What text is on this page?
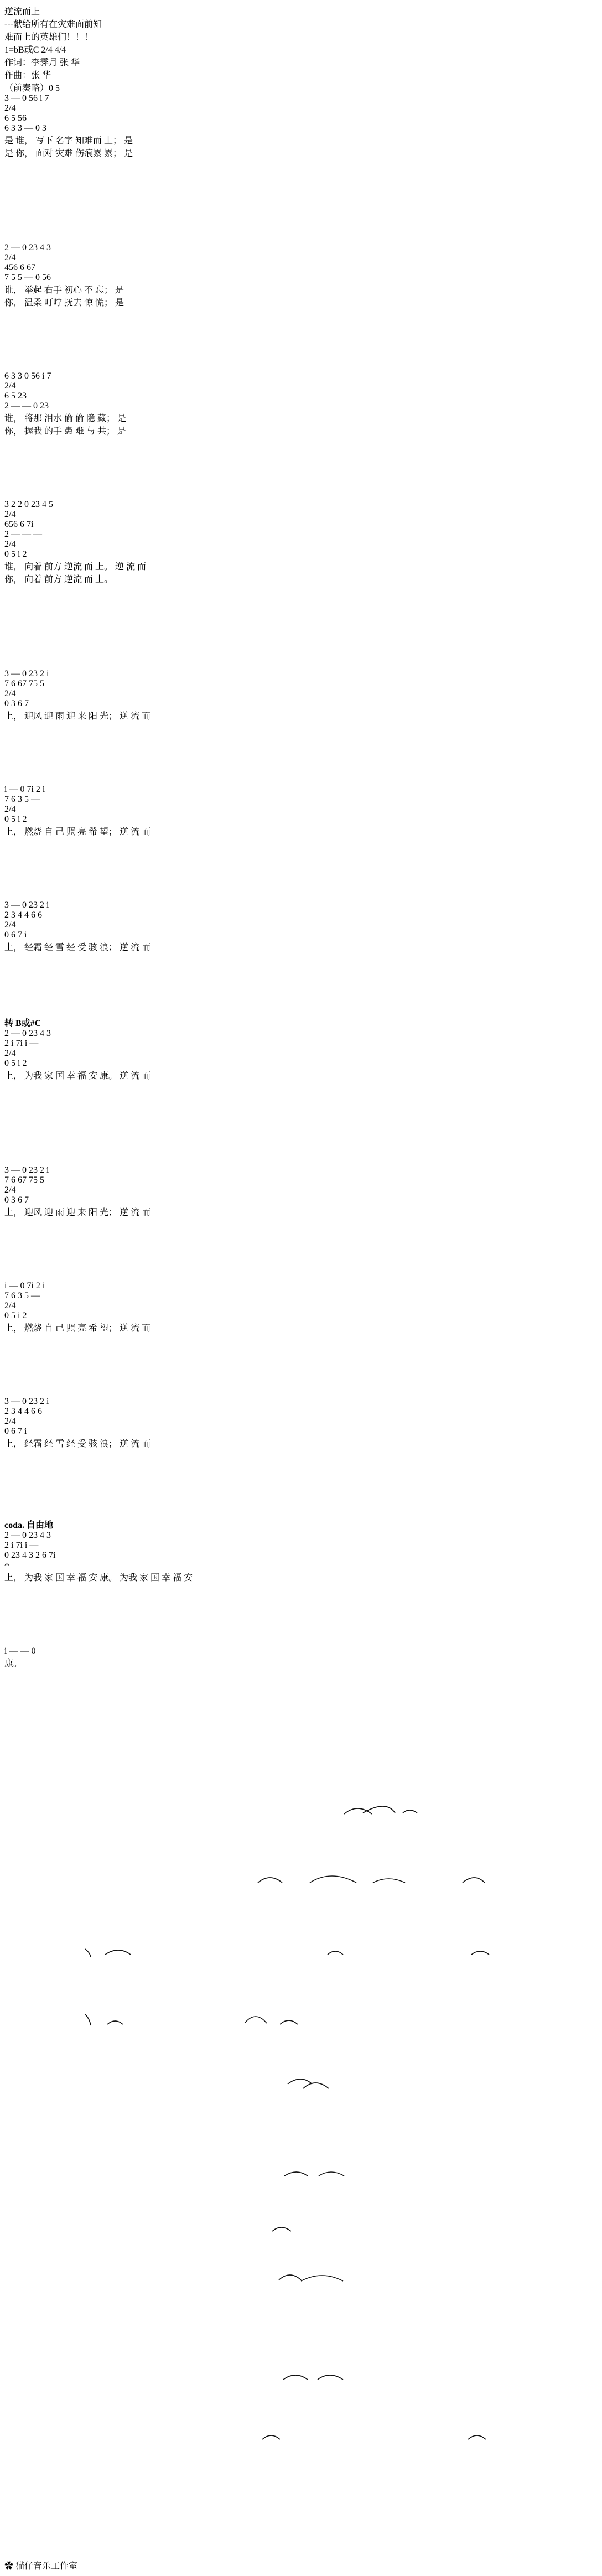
逆流而上
---献给所有在灾难面前知
难而上的英雄们！！！
1=bB或C 2/4 4/4
作词：李霁月 张 华
作曲：张 华
（前奏略）0 5
3 — 0 56 i 7
2/4
6 5 56
6 3 3 — 0 3
是 谁， 写下 名字 知难而 上； 是
是 你， 面对 灾难 伤痕累 累； 是
2 — 0 23 4 3
2/4
456 6 67
7 5 5 — 0 56
谁， 举起 右手 初心 不 忘； 是
你， 温柔 叮咛 抚去 惊 慌； 是
6 3 3 0 56 i 7
2/4
6 5 23
2 — — 0 23
谁， 将那 泪水 偷 偷 隐 藏； 是
你， 握我 的手 患 难 与 共； 是
3 2 2 0 23 4 5
2/4
656 6 7i
2 — — —
2/4
0 5 i 2
谁， 向着 前方 逆流 而 上。 逆 流 而
你， 向着 前方 逆流 而 上。
3 — 0 23 2 i
7 6 67 75 5
2/4
0 3 6 7
上， 迎风 迎 雨 迎 来 阳 光； 逆 流 而
i — 0 7i 2 i
7 6 3 5 —
2/4
0 5 i 2
上， 燃烧 自 己 照 亮 希 望； 逆 流 而
3 — 0 23 2 i
2 3 4 4 6 6
2/4
0 6 7 i
上， 经霜 经 雪 经 受 骇 浪； 逆 流 而
转 B或#C
2 — 0 23 4 3
2 i 7i i —
2/4
0 5 i 2
上， 为我 家 国 幸 福 安 康。 逆 流 而
3 — 0 23 2 i
7 6 67 75 5
2/4
0 3 6 7
上， 迎风 迎 雨 迎 来 阳 光； 逆 流 而
i — 0 7i 2 i
7 6 3 5 —
2/4
0 5 i 2
上， 燃烧 自 己 照 亮 希 望； 逆 流 而
3 — 0 23 2 i
2 3 4 4 6 6
2/4
0 6 7 i
上， 经霜 经 雪 经 受 骇 浪； 逆 流 而
coda. 自由地
2 — 0 23 4 3
2 i 7i i —
0 23 4 3 2 6 7i
𝄐
上， 为我 家 国 幸 福 安 康。 为我 家 国 幸 福 安
i — — 0
康。
✿ 猫仔音乐工作室
